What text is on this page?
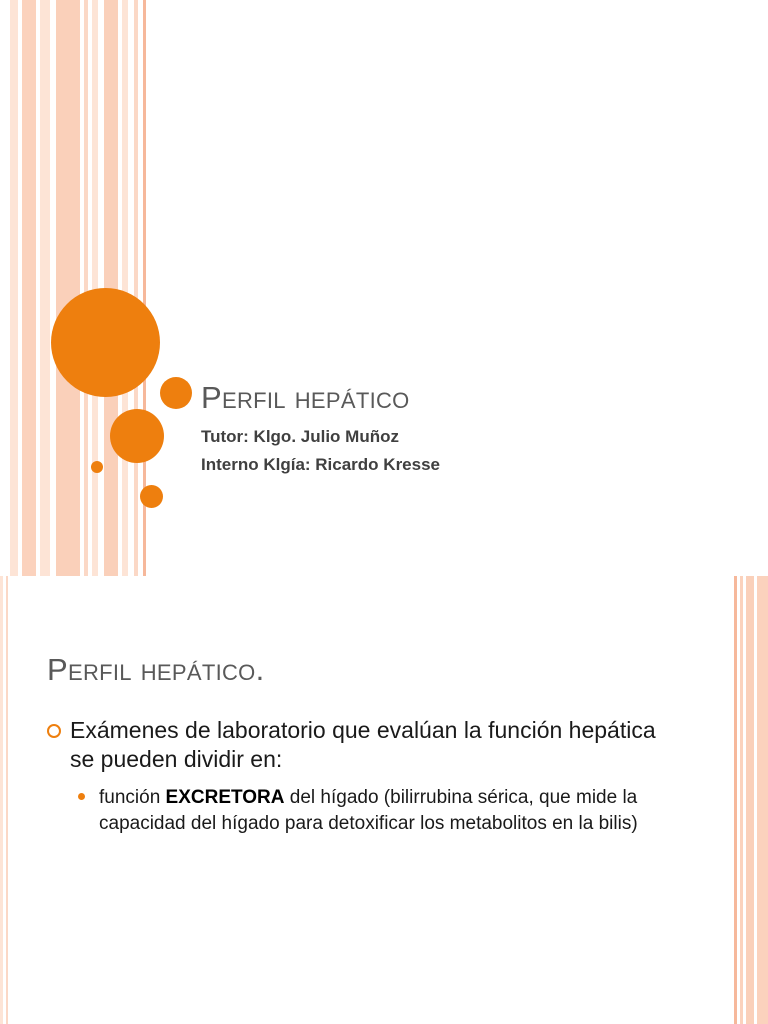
Perfil hepático

Tutor: Klgo. Julio Muñoz

Interno Klgía: Ricardo Kresse

Perfil hepático.

Exámenes de laboratorio que evalúan la función hepática se pueden dividir en:

función EXCRETORA del hígado (bilirrubina sérica, que mide la capacidad del hígado para detoxificar los metabolitos en la bilis)
